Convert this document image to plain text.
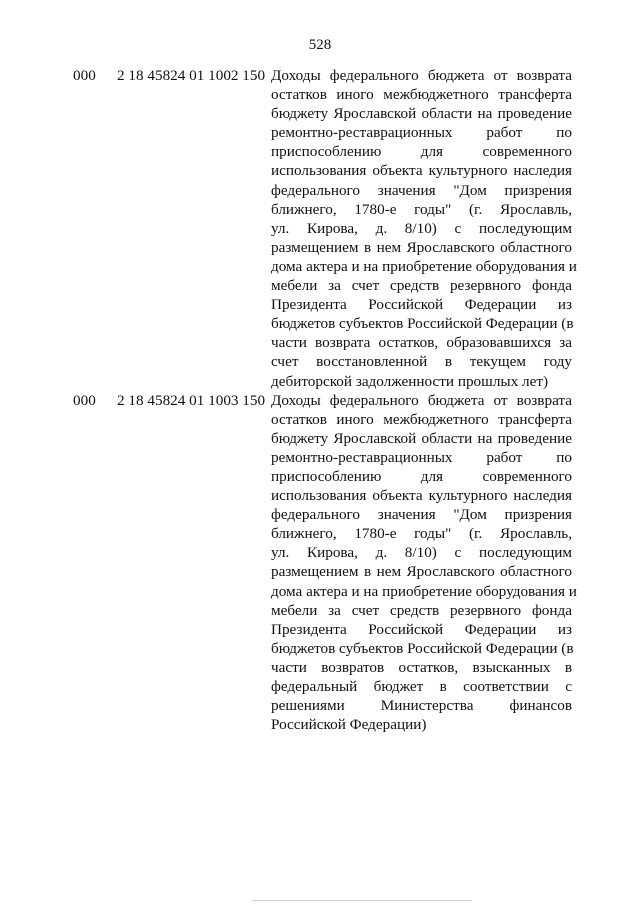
528
000 2 18 45824 01 1002 150 Доходы федерального бюджета от возврата
остатков иного межбюджетного трансферта
бюджету Ярославской области на проведение
ремонтно-реставрационных работ по
приспособлению для современного
использования объекта культурного наследия
федерального значения "Дом призрения
ближнего, 1780-е годы" (г. Ярославль,
ул. Кирова, д. 8/10) с последующим
размещением в нем Ярославского областного
дома актера и на приобретение оборудования и
мебели за счет средств резервного фонда
Президента Российской Федерации из
бюджетов субъектов Российской Федерации (в
части возврата остатков, образовавшихся за
счет восстановленной в текущем году
дебиторской задолженности прошлых лет)
000 2 18 45824 01 1003 150 Доходы федерального бюджета от возврата
остатков иного межбюджетного трансферта
бюджету Ярославской области на проведение
ремонтно-реставрационных работ по
приспособлению для современного
использования объекта культурного наследия
федерального значения "Дом призрения
ближнего, 1780-е годы" (г. Ярославль,
ул. Кирова, д. 8/10) с последующим
размещением в нем Ярославского областного
дома актера и на приобретение оборудования и
мебели за счет средств резервного фонда
Президента Российской Федерации из
бюджетов субъектов Российской Федерации (в
части возвратов остатков, взысканных в
федеральный бюджет в соответствии с
решениями Министерства финансов
Российской Федерации)
